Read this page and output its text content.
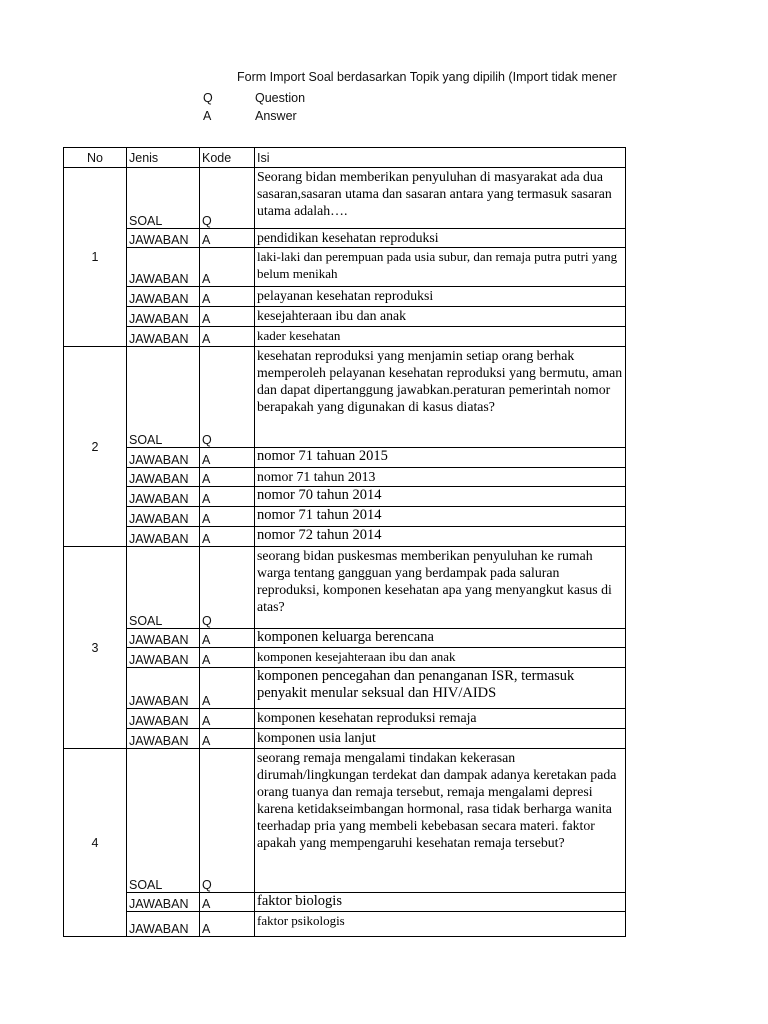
Form Import Soal berdasarkan Topik yang dipilih (Import tidak mener
Q	Question
A	Answer
No	Jenis	Kode	Isi
1	SOAL	Q	Seorang bidan memberikan penyuluhan di masyarakat ada dua sasaran,sasaran utama dan sasaran antara yang termasuk sasaran utama adalah….
	JAWABAN	A	pendidikan kesehatan reproduksi
	JAWABAN	A	laki-laki dan perempuan pada usia subur, dan remaja putra putri yang belum menikah
	JAWABAN	A	pelayanan kesehatan reproduksi
	JAWABAN	A	kesejahteraan ibu dan anak
	JAWABAN	A	kader kesehatan
2	SOAL	Q	kesehatan reproduksi yang menjamin setiap orang berhak memperoleh pelayanan kesehatan reproduksi yang bermutu, aman dan dapat dipertanggung jawabkan.peraturan pemerintah nomor berapakah yang digunakan di kasus diatas?
	JAWABAN	A	nomor 71 tahuan 2015
	JAWABAN	A	nomor 71 tahun 2013
	JAWABAN	A	nomor 70 tahun 2014
	JAWABAN	A	nomor 71 tahun 2014
	JAWABAN	A	nomor 72 tahun 2014
3	SOAL	Q	seorang bidan puskesmas memberikan penyuluhan ke rumah warga tentang gangguan yang berdampak pada saluran reproduksi, komponen kesehatan apa yang menyangkut kasus di atas?
	JAWABAN	A	komponen keluarga berencana
	JAWABAN	A	komponen kesejahteraan ibu dan anak
	JAWABAN	A	komponen pencegahan dan penanganan ISR, termasuk penyakit menular seksual dan HIV/AIDS
	JAWABAN	A	komponen kesehatan reproduksi remaja
	JAWABAN	A	komponen usia lanjut
4	SOAL	Q	seorang remaja mengalami tindakan kekerasan dirumah/lingkungan terdekat dan dampak adanya keretakan pada orang tuanya dan remaja tersebut, remaja mengalami depresi karena ketidakseimbangan hormonal, rasa tidak berharga wanita teerhadap pria yang membeli kebebasan secara materi. faktor apakah yang mempengaruhi kesehatan remaja tersebut?
	JAWABAN	A	faktor biologis
	JAWABAN	A	faktor psikologis
